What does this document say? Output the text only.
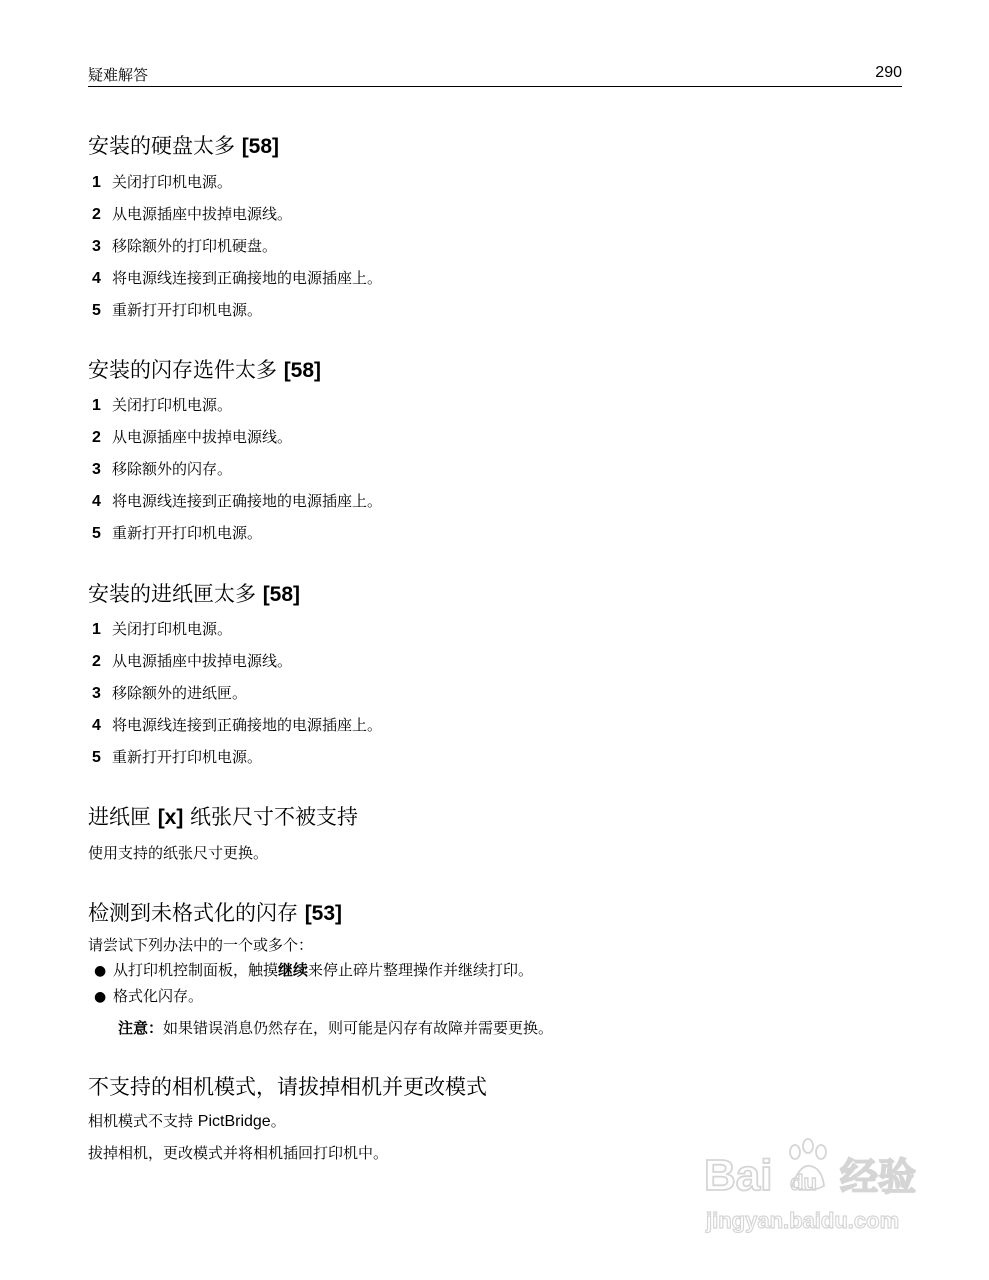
疑难解答	290
安装的硬盘太多 [58]
1 关闭打印机电源。
2 从电源插座中拔掉电源线。
3 移除额外的打印机硬盘。
4 将电源线连接到正确接地的电源插座上。
5 重新打开打印机电源。
安装的闪存选件太多 [58]
1 关闭打印机电源。
2 从电源插座中拔掉电源线。
3 移除额外的闪存。
4 将电源线连接到正确接地的电源插座上。
5 重新打开打印机电源。
安装的进纸匣太多 [58]
1 关闭打印机电源。
2 从电源插座中拔掉电源线。
3 移除额外的进纸匣。
4 将电源线连接到正确接地的电源插座上。
5 重新打开打印机电源。
进纸匣 [x] 纸张尺寸不被支持
使用支持的纸张尺寸更换。
检测到未格式化的闪存 [53]
请尝试下列办法中的一个或多个：
● 从打印机控制面板，触摸继续来停止碎片整理操作并继续打印。
● 格式化闪存。
注意：如果错误消息仍然存在，则可能是闪存有故障并需要更换。
不支持的相机模式，请拔掉相机并更改模式
相机模式不支持 PictBridge。
拔掉相机，更改模式并将相机插回打印机中。	Bai du 经验
jingyan.baidu.com
